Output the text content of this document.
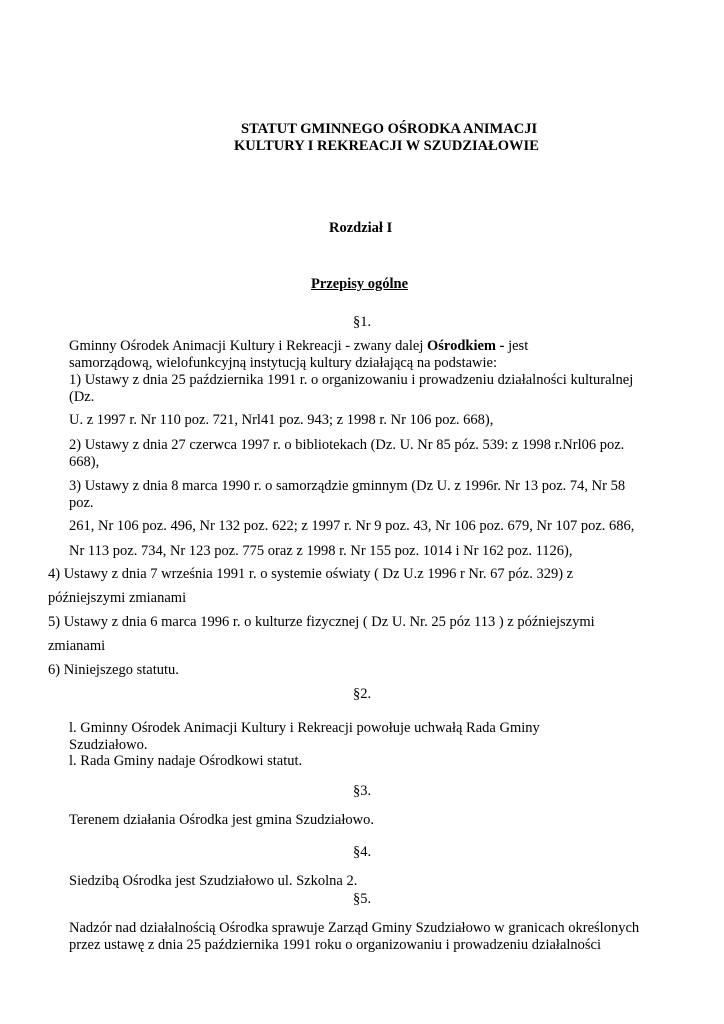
STATUT GMINNEGO OŚRODKA ANIMACJI
KULTURY I REKREACJI W SZUDZIAŁOWIE
Rozdział I
Przepisy ogólne
§1.
Gminny Ośrodek Animacji Kultury i Rekreacji - zwany dalej Ośrodkiem - jest
samorządową, wielofunkcyjną instytucją kultury działającą na podstawie:
1) Ustawy z dnia 25 października 1991 r. o organizowaniu i prowadzeniu działalności kulturalnej
(Dz.
U. z 1997 r. Nr 110 poz. 721, Nrl41 poz. 943; z 1998 r. Nr 106 poz. 668),
2) Ustawy z dnia 27 czerwca 1997 r. o bibliotekach (Dz. U. Nr 85 póz. 539: z 1998 r.Nrl06 poz.
668),
3) Ustawy z dnia 8 marca 1990 r. o samorządzie gminnym (Dz U. z 1996r. Nr 13 poz. 74, Nr 58
poz.
261, Nr 106 poz. 496, Nr 132 poz. 622; z 1997 r. Nr 9 poz. 43, Nr 106 poz. 679, Nr 107 poz. 686,
Nr 113 poz. 734, Nr 123 poz. 775 oraz z 1998 r. Nr 155 poz. 1014 i Nr 162 poz. 1126),
4) Ustawy z dnia 7 września 1991 r. o systemie oświaty ( Dz U.z 1996 r Nr. 67 póz. 329) z
późniejszymi zmianami
5) Ustawy z dnia 6 marca 1996 r. o kulturze fizycznej ( Dz U. Nr. 25 póz 113 ) z późniejszymi
zmianami
6) Niniejszego statutu.
§2.
l. Gminny Ośrodek Animacji Kultury i Rekreacji powołuje uchwałą Rada Gminy
Szudziałowo.
l. Rada Gminy nadaje Ośrodkowi statut.
§3.
Terenem działania Ośrodka jest gmina Szudziałowo.
§4.
Siedzibą Ośrodka jest Szudziałowo ul. Szkolna 2.
§5.
Nadzór nad działalnością Ośrodka sprawuje Zarząd Gminy Szudziałowo w granicach określonych
przez ustawę z dnia 25 października 1991 roku o organizowaniu i prowadzeniu działalności
